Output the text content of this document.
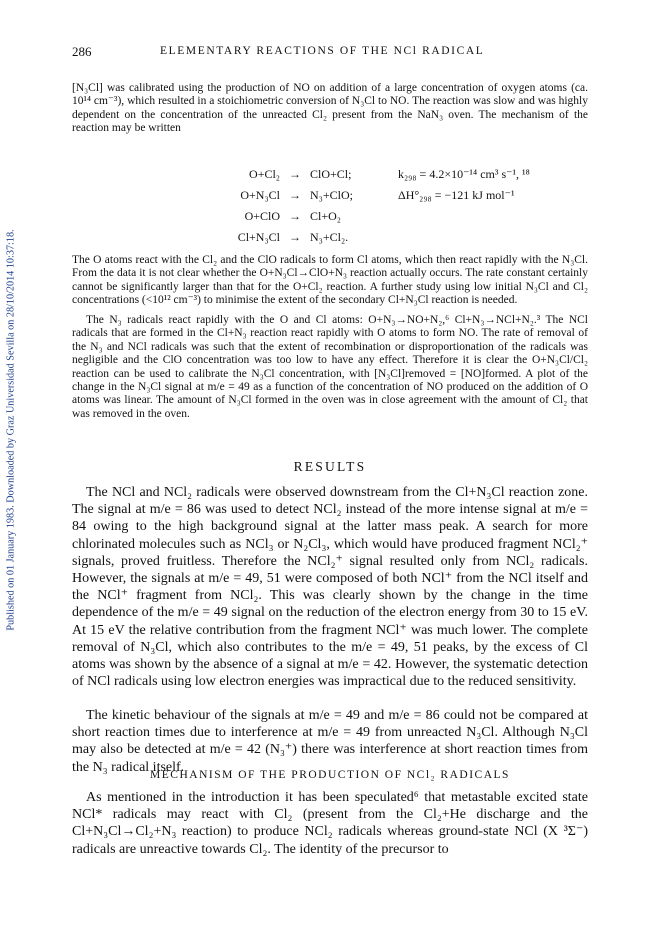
Published on 01 January 1983. Downloaded by Graz Universidad Sevilla on 28/10/2014 10:37:18.
286	ELEMENTARY REACTIONS OF THE NCl RADICAL

[N₃Cl] was calibrated using the production of NO on addition of a large concentration of oxygen atoms (ca. 10¹⁴ cm⁻³), which resulted in a stoichiometric conversion of N₃Cl to NO. The reaction was slow and was highly dependent on the concentration of the unreacted Cl₂ present from the NaN₃ oven. The mechanism of the reaction may be written

O+Cl₂ → ClO+Cl;	k₂₉₈ = 4.2×10⁻¹⁴ cm³ s⁻¹, ¹⁸
O+N₃Cl → N₃+ClO;	ΔH°₂₉₈ = −121 kJ mol⁻¹
O+ClO → Cl+O₂
Cl+N₃Cl → N₃+Cl₂.

The O atoms react with the Cl₂ and the ClO radicals to form Cl atoms, which then react rapidly with the N₃Cl. From the data it is not clear whether the O+N₃Cl→ClO+N₃ reaction actually occurs. The rate constant certainly cannot be significantly larger than that for the O+Cl₂ reaction. A further study using low initial N₃Cl and Cl₂ concentrations (<10¹² cm⁻³) to minimise the extent of the secondary Cl+N₃Cl reaction is needed.

The N₃ radicals react rapidly with the O and Cl atoms: O+N₃→NO+N₂,⁶ Cl+N₃→NCl+N₂.³ The NCl radicals that are formed in the Cl+N₃ reaction react rapidly with O atoms to form NO. The rate of removal of the N₃ and NCl radicals was such that the extent of recombination or disproportionation of the radicals was negligible and the ClO concentration was too low to have any effect. Therefore it is clear the O+N₃Cl/Cl₂ reaction can be used to calibrate the N₃Cl concentration, with [N₃Cl]removed = [NO]formed. A plot of the change in the N₃Cl signal at m/e = 49 as a function of the concentration of NO produced on the addition of O atoms was linear. The amount of N₃Cl formed in the oven was in close agreement with the amount of Cl₂ that was removed in the oven.

RESULTS

The NCl and NCl₂ radicals were observed downstream from the Cl+N₃Cl reaction zone. The signal at m/e = 86 was used to detect NCl₂ instead of the more intense signal at m/e = 84 owing to the high background signal at the latter mass peak. A search for more chlorinated molecules such as NCl₃ or N₂Cl₃, which would have produced fragment NCl₂⁺ signals, proved fruitless. Therefore the NCl₂⁺ signal resulted only from NCl₂ radicals. However, the signals at m/e = 49, 51 were composed of both NCl⁺ from the NCl itself and the NCl⁺ fragment from NCl₂. This was clearly shown by the change in the time dependence of the m/e = 49 signal on the reduction of the electron energy from 30 to 15 eV. At 15 eV the relative contribution from the fragment NCl⁺ was much lower. The complete removal of N₃Cl, which also contributes to the m/e = 49, 51 peaks, by the excess of Cl atoms was shown by the absence of a signal at m/e = 42. However, the systematic detection of NCl radicals using low electron energies was impractical due to the reduced sensitivity.

The kinetic behaviour of the signals at m/e = 49 and m/e = 86 could not be compared at short reaction times due to interference at m/e = 49 from unreacted N₃Cl. Although N₃Cl may also be detected at m/e = 42 (N₃⁺) there was interference at short reaction times from the N₃ radical itself.

MECHANISM OF THE PRODUCTION OF NCl₂ RADICALS

As mentioned in the introduction it has been speculated⁶ that metastable excited state NCl* radicals may react with Cl₂ (present from the Cl₂+He discharge and the Cl+N₃Cl→Cl₂+N₃ reaction) to produce NCl₂ radicals whereas ground-state NCl (X ³Σ⁻) radicals are unreactive towards Cl₂. The identity of the precursor to
